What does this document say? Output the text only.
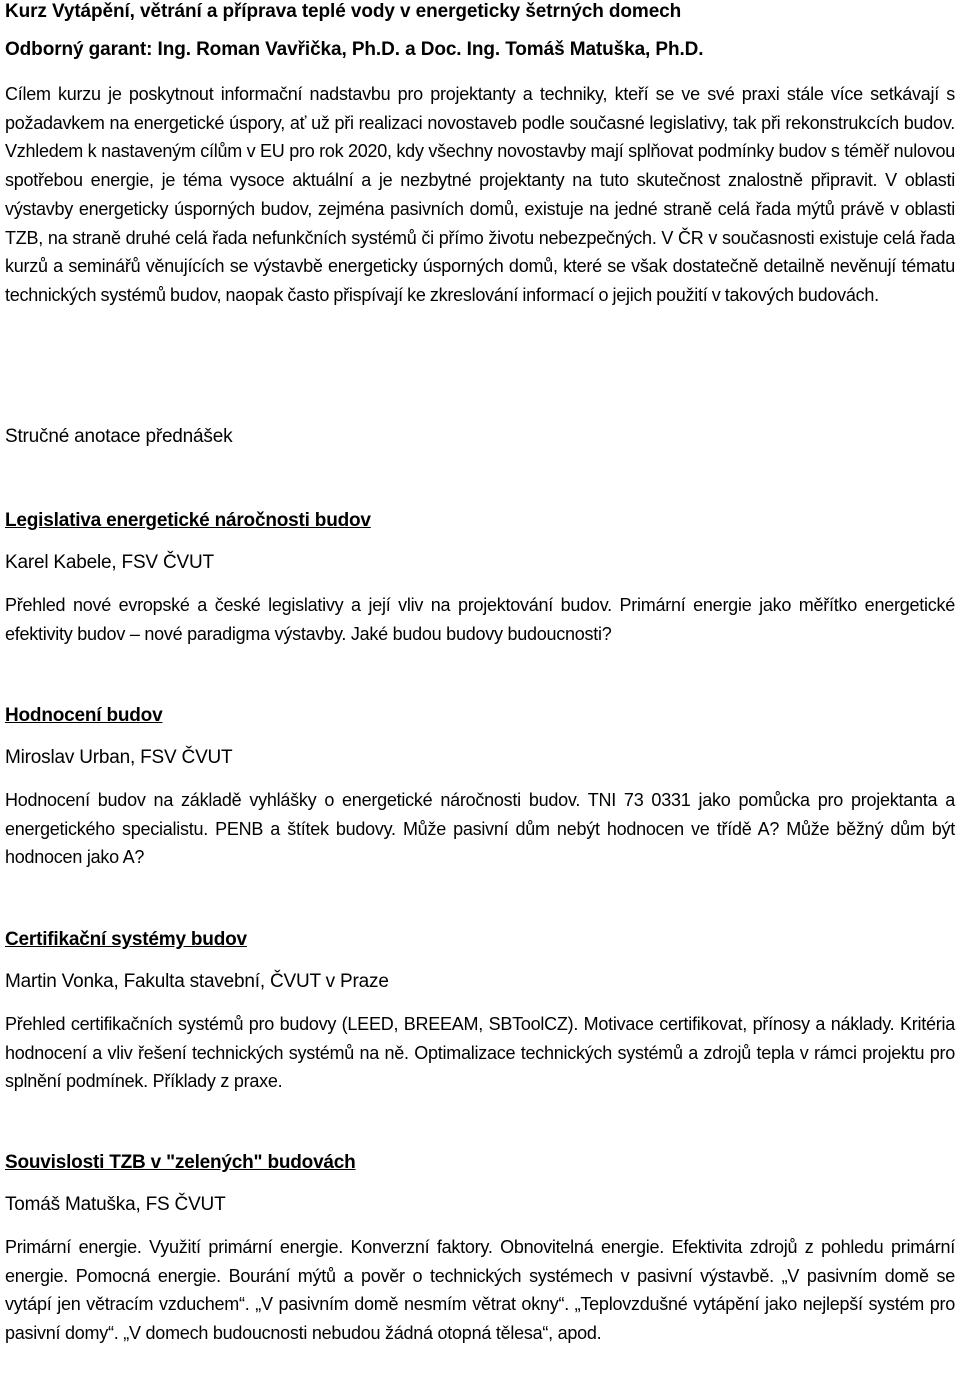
Kurz Vytápění, větrání a příprava teplé vody v energeticky šetrných domech

Odborný garant: Ing. Roman Vavřička, Ph.D. a Doc. Ing. Tomáš Matuška, Ph.D.

Cílem kurzu je poskytnout informační nadstavbu pro projektanty a techniky, kteří se ve své praxi stále více setkávají s požadavkem na energetické úspory, ať už při realizaci novostaveb podle současné legislativy, tak při rekonstrukcích budov. Vzhledem k nastaveným cílům v EU pro rok 2020, kdy všechny novostavby mají splňovat podmínky budov s téměř nulovou spotřebou energie, je téma vysoce aktuální a je nezbytné projektanty na tuto skutečnost znalostně připravit. V oblasti výstavby energeticky úsporných budov, zejména pasivních domů, existuje na jedné straně celá řada mýtů právě v oblasti TZB, na straně druhé celá řada nefunkčních systémů či přímo životu nebezpečných. V ČR v současnosti existuje celá řada kurzů a seminářů věnujících se výstavbě energeticky úsporných domů, které se však dostatečně detailně nevěnují tématu technických systémů budov, naopak často přispívají ke zkreslování informací o jejich použití v takových budovách.

Stručné anotace přednášek
Legislativa energetické náročnosti budov

Karel Kabele, FSV ČVUT

Přehled nové evropské a české legislativy a její vliv na projektování budov. Primární energie jako měřítko energetické efektivity budov – nové paradigma výstavby. Jaké budou budovy budoucnosti?

Hodnocení budov

Miroslav Urban, FSV ČVUT

Hodnocení budov na základě vyhlášky o energetické náročnosti budov. TNI 73 0331 jako pomůcka pro projektanta a energetického specialistu. PENB a štítek budovy. Může pasivní dům nebýt hodnocen ve třídě A? Může běžný dům být hodnocen jako A?

Certifikační systémy budov

Martin Vonka, Fakulta stavební, ČVUT v Praze

Přehled certifikačních systémů pro budovy (LEED, BREEAM, SBToolCZ). Motivace certifikovat, přínosy a náklady. Kritéria hodnocení a vliv řešení technických systémů na ně. Optimalizace technických systémů a zdrojů tepla v rámci projektu pro splnění podmínek. Příklady z praxe.

Souvislosti TZB v "zelených" budovách

Tomáš Matuška, FS ČVUT

Primární energie. Využití primární energie. Konverzní faktory. Obnovitelná energie. Efektivita zdrojů z pohledu primární energie. Pomocná energie. Bourání mýtů a pověr o technických systémech v pasivní výstavbě. „V pasivním domě se vytápí jen větracím vzduchem“. „V pasivním domě nesmím větrat okny“. „Teplovzdušné vytápění jako nejlepší systém pro pasivní domy“. „V domech budoucnosti nebudou žádná otopná tělesa“, apod.
